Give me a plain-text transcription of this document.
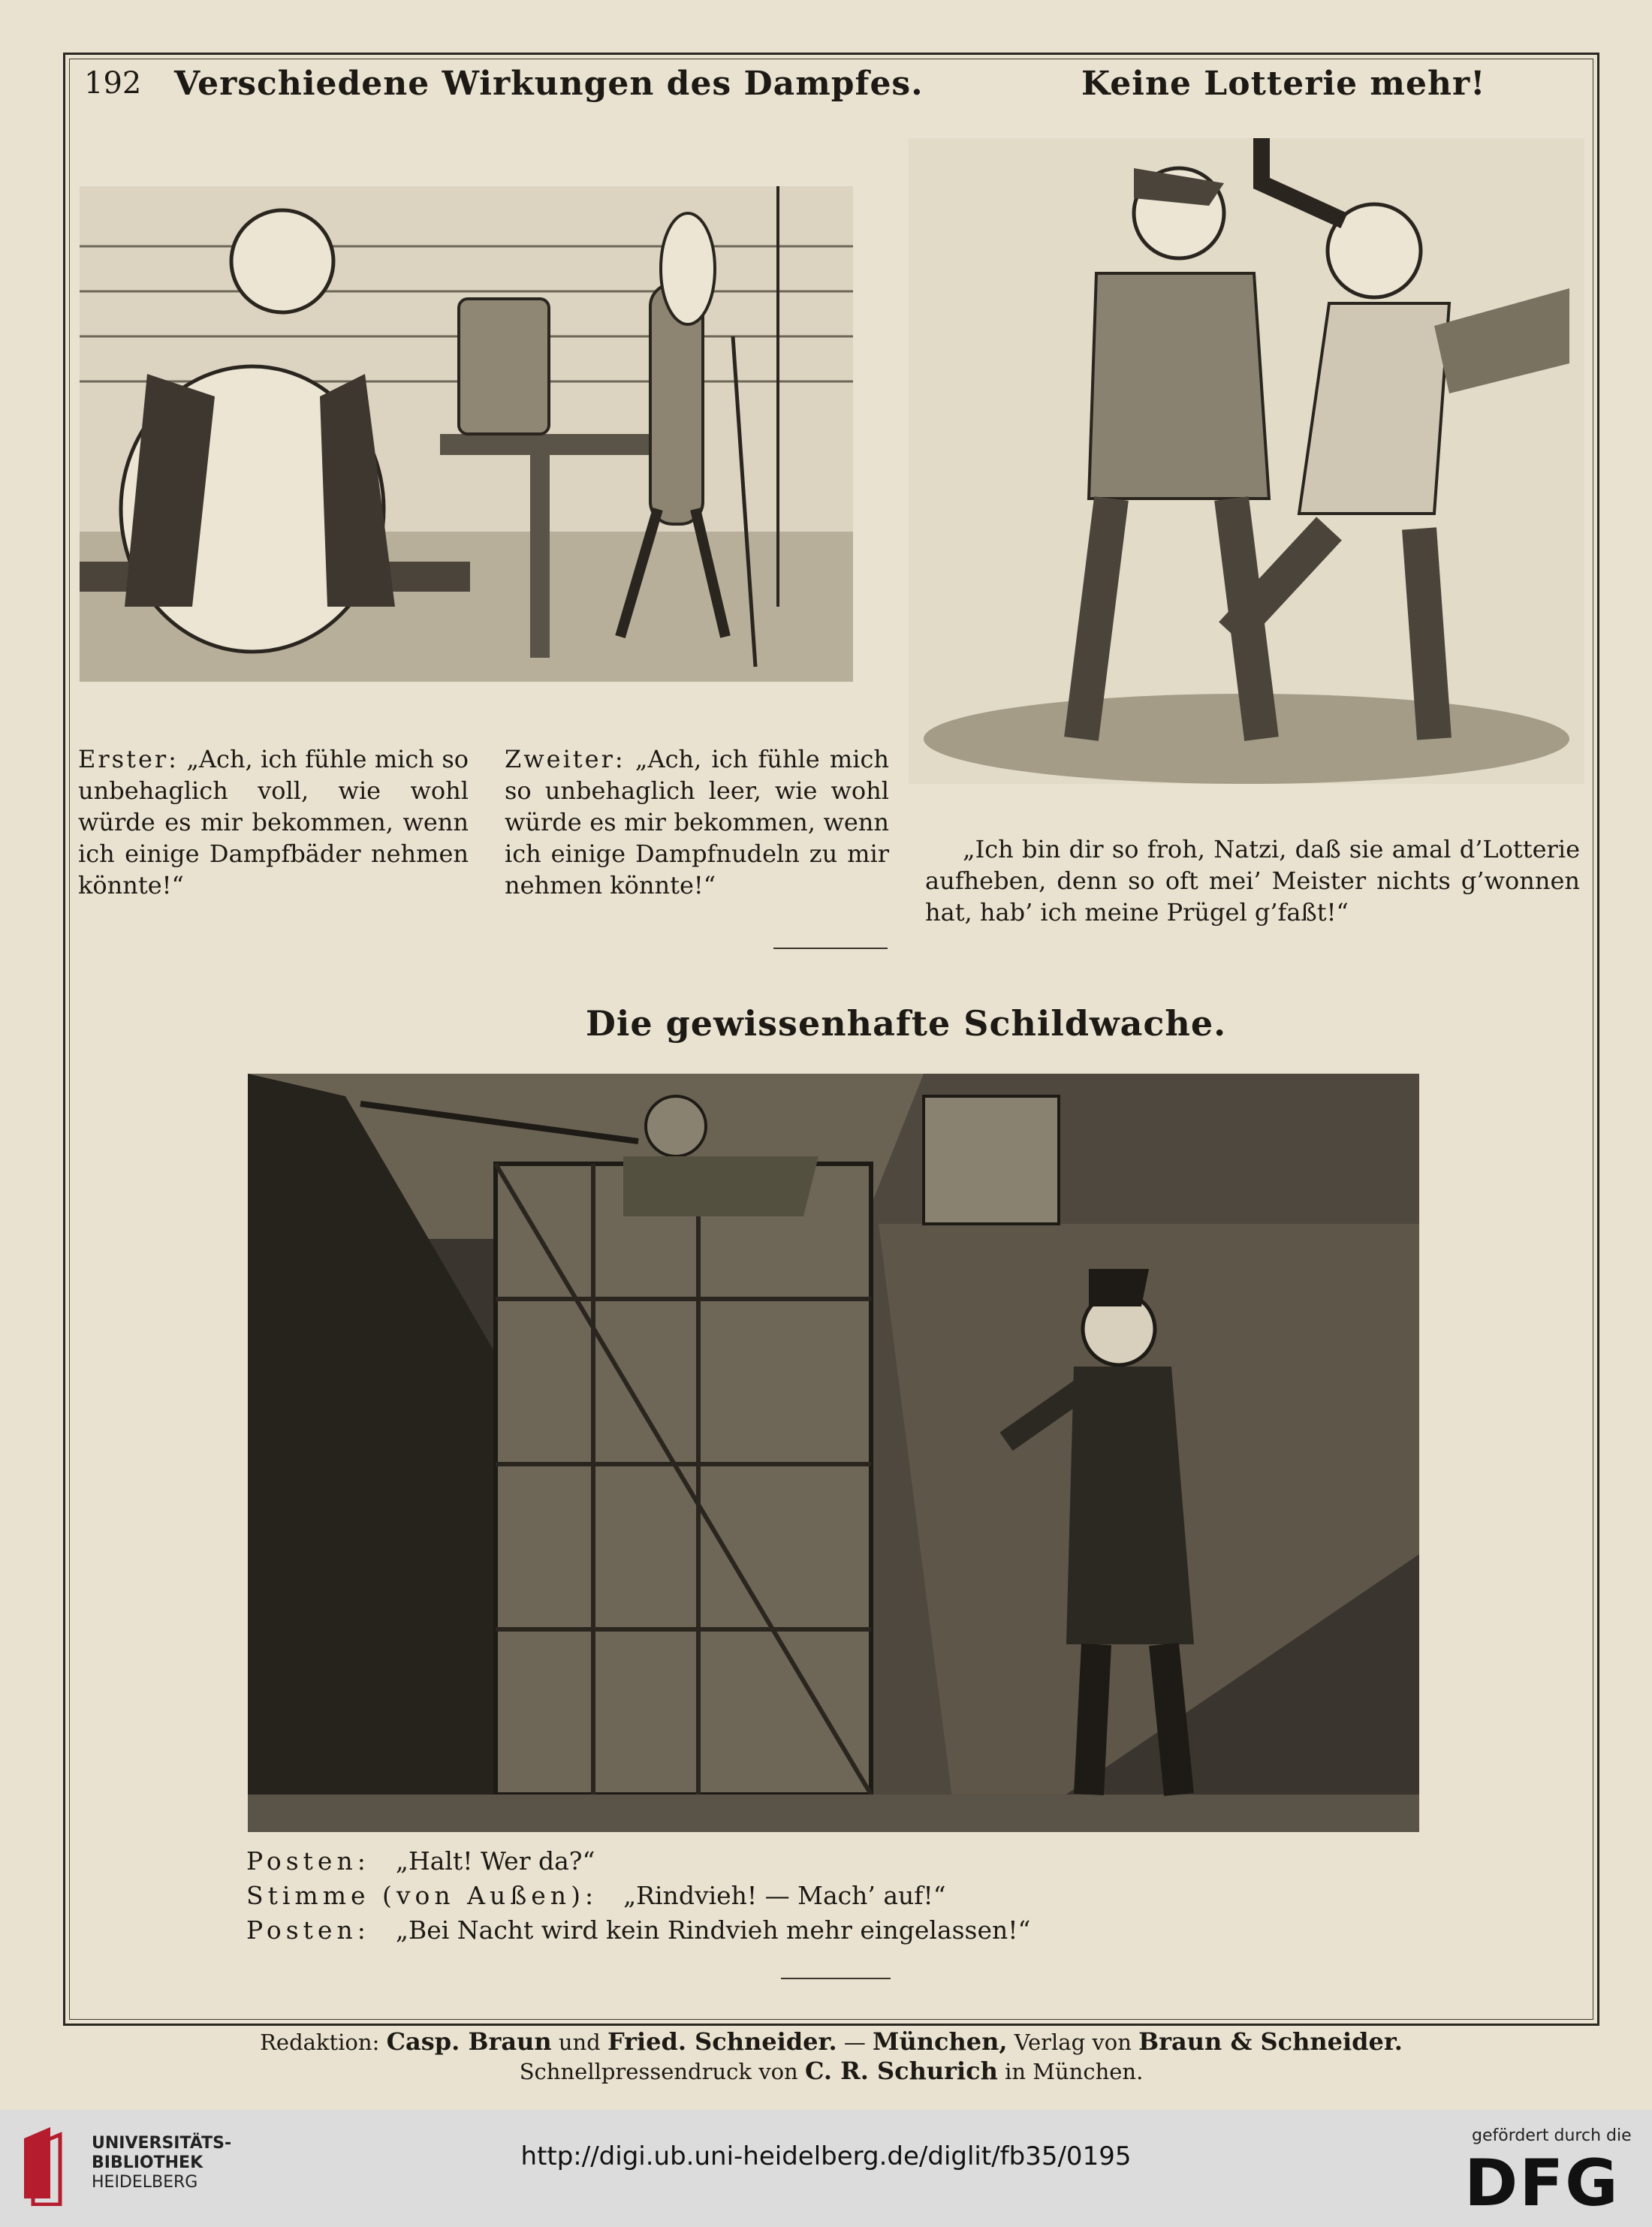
192 Verschiedene Wirkungen des Dampfes.	Keine Lotterie mehr!
Erster: „Ach, ich fühle mich so unbehaglich voll, wie wohl würde es mir bekommen, wenn ich einige Dampfbäder nehmen könnte!“
Zweiter: „Ach, ich fühle mich so unbehaglich leer, wie wohl würde es mir bekommen, wenn ich einige Dampfnudeln zu mir nehmen könnte!“
„Ich bin dir so froh, Natzi, daß sie amal d’Lotterie aufheben, denn so oft mei’ Meister nichts g’wonnen hat, hab’ ich meine Prügel g’faßt!“
Die gewissenhafte Schildwache.
Posten: „Halt! Wer da?“
Stimme (von Außen): „Rindvieh! — Mach’ auf!“
Posten: „Bei Nacht wird kein Rindvieh mehr eingelassen!“
Redaktion: Casp. Braun und Fried. Schneider. — München, Verlag von Braun & Schneider.
Schnellpressendruck von C. R. Schurich in München.
UNIVERSITÄTS-
BIBLIOTHEK
HEIDELBERG
http://digi.ub.uni-heidelberg.de/diglit/fb35/0195
gefördert durch die
DFG
